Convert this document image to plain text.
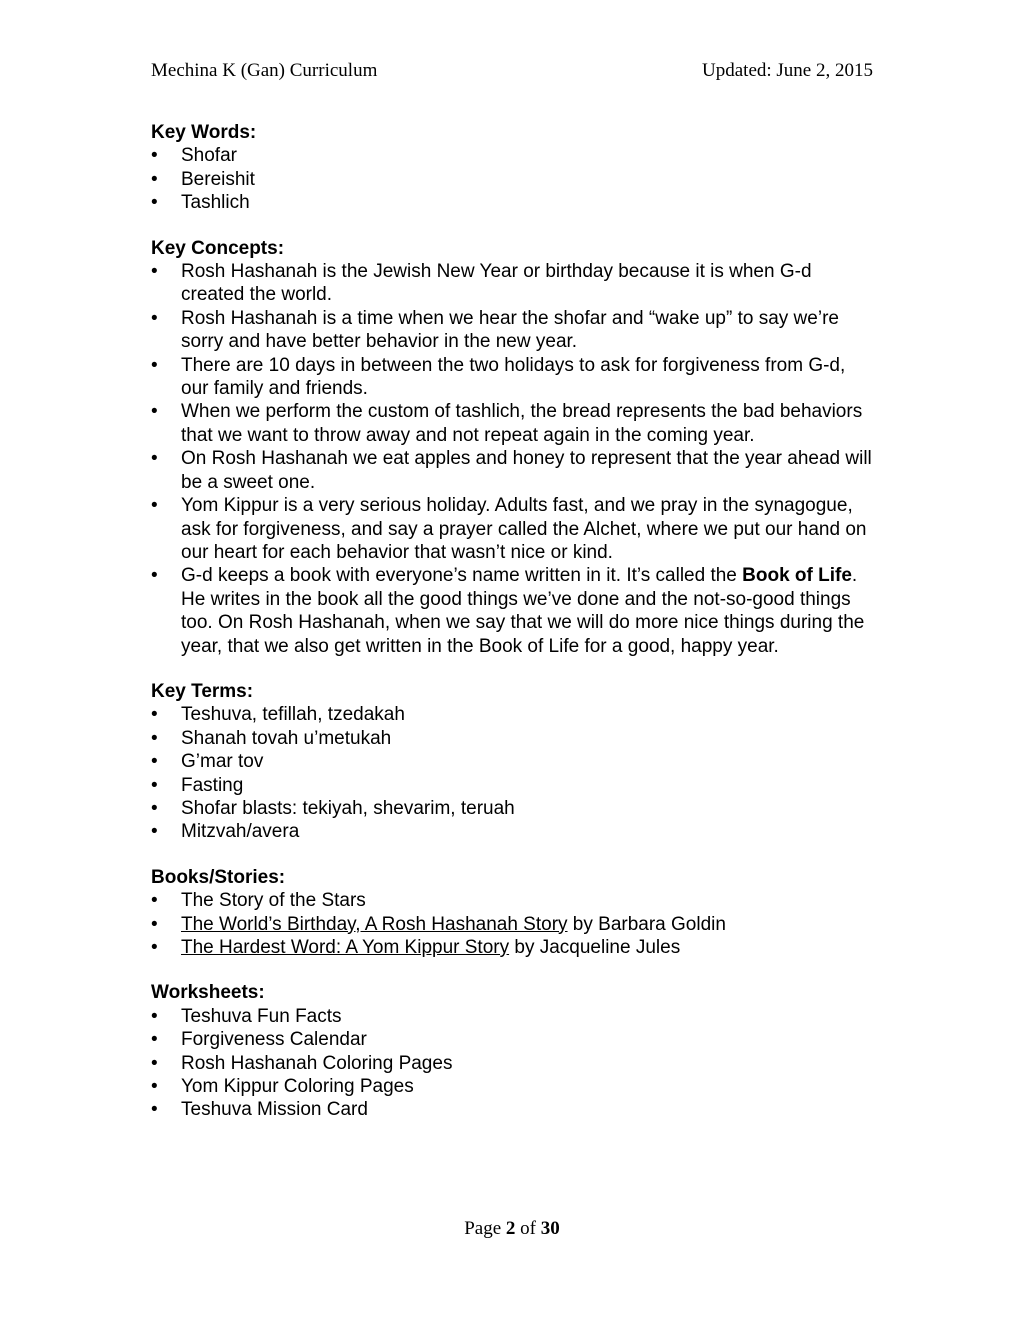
Mechina K (Gan) Curriculum	Updated: June 2, 2015

Key Words:

• Shofar
• Bereishit
• Tashlich

Key Concepts:

• Rosh Hashanah is the Jewish New Year or birthday because it is when G-d created the world.
• Rosh Hashanah is a time when we hear the shofar and “wake up” to say we’re sorry and have better behavior in the new year.
• There are 10 days in between the two holidays to ask for forgiveness from G-d, our family and friends.
• When we perform the custom of tashlich, the bread represents the bad behaviors that we want to throw away and not repeat again in the coming year.
• On Rosh Hashanah we eat apples and honey to represent that the year ahead will be a sweet one.
• Yom Kippur is a very serious holiday. Adults fast, and we pray in the synagogue, ask for forgiveness, and say a prayer called the Alchet, where we put our hand on our heart for each behavior that wasn’t nice or kind.
• G-d keeps a book with everyone’s name written in it. It’s called the Book of Life. He writes in the book all the good things we’ve done and the not-so-good things too. On Rosh Hashanah, when we say that we will do more nice things during the year, that we also get written in the Book of Life for a good, happy year.

Key Terms:

• Teshuva, tefillah, tzedakah
• Shanah tovah u’metukah
• G’mar tov
• Fasting
• Shofar blasts: tekiyah, shevarim, teruah
• Mitzvah/avera

Books/Stories:

• The Story of the Stars
• The World’s Birthday, A Rosh Hashanah Story by Barbara Goldin
• The Hardest Word: A Yom Kippur Story by Jacqueline Jules

Worksheets:

• Teshuva Fun Facts
• Forgiveness Calendar
• Rosh Hashanah Coloring Pages
• Yom Kippur Coloring Pages
• Teshuva Mission Card
Page 2 of 30
